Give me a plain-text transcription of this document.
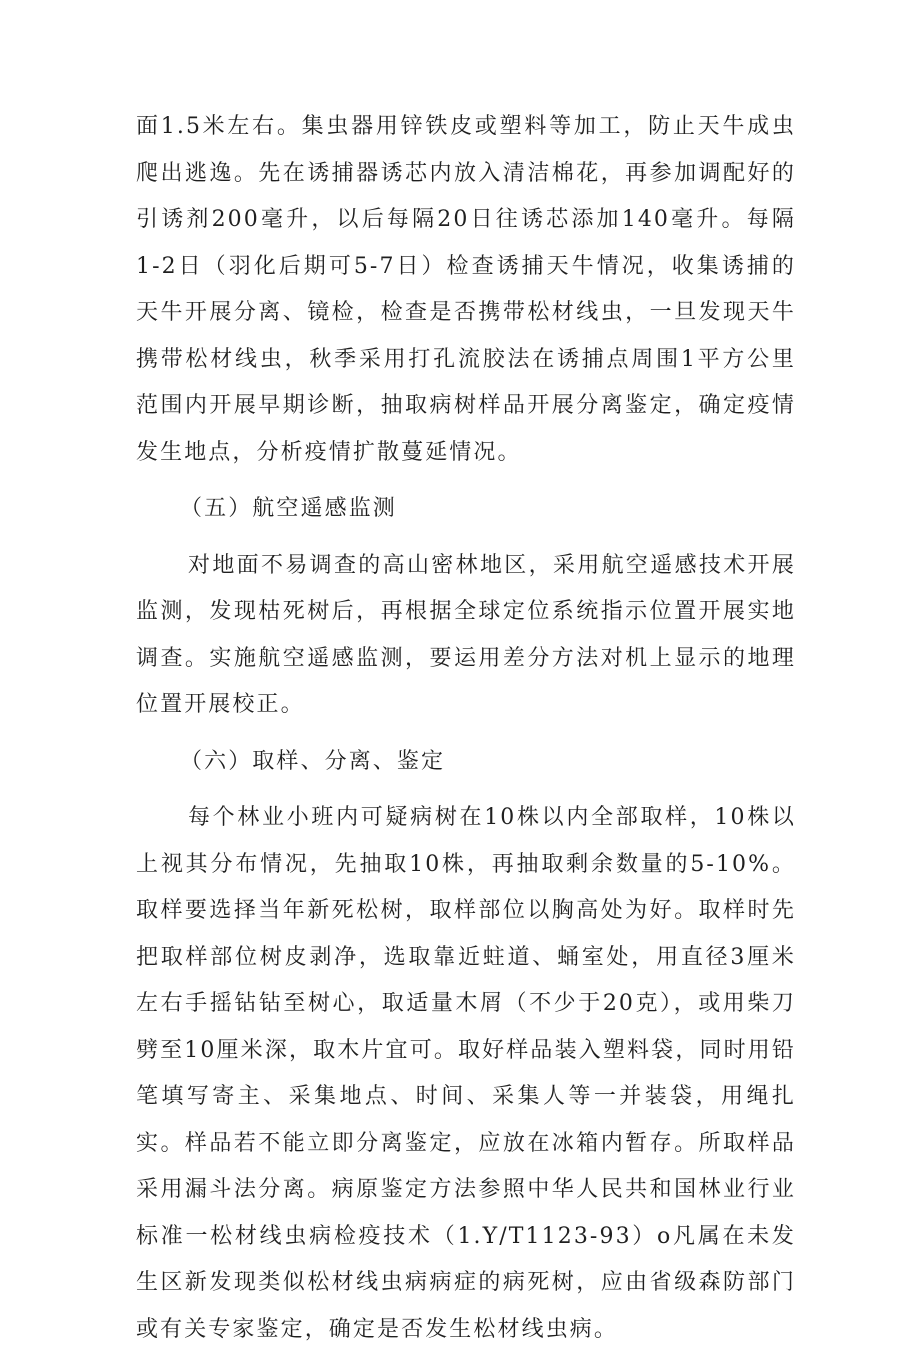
面1.5米左右。集虫器用锌铁皮或塑料等加工，防止天牛成虫爬出逃逸。先在诱捕器诱芯内放入清洁棉花，再参加调配好的引诱剂200毫升，以后每隔20日往诱芯添加140毫升。每隔1-2日（羽化后期可5-7日）检查诱捕天牛情况，收集诱捕的天牛开展分离、镜检，检查是否携带松材线虫，一旦发现天牛携带松材线虫，秋季采用打孔流胶法在诱捕点周围1平方公里范围内开展早期诊断，抽取病树样品开展分离鉴定，确定疫情发生地点，分析疫情扩散蔓延情况。

（五）航空遥感监测

对地面不易调查的高山密林地区，采用航空遥感技术开展监测，发现枯死树后，再根据全球定位系统指示位置开展实地调查。实施航空遥感监测，要运用差分方法对机上显示的地理位置开展校正。

（六）取样、分离、鉴定

每个林业小班内可疑病树在10株以内全部取样，10株以上视其分布情况，先抽取10株，再抽取剩余数量的5-10%。取样要选择当年新死松树，取样部位以胸高处为好。取样时先把取样部位树皮剥净，选取靠近蛀道、蛹室处，用直径3厘米左右手摇钻钻至树心，取适量木屑（不少于20克），或用柴刀劈至10厘米深，取木片宜可。取好样品装入塑料袋，同时用铅笔填写寄主、采集地点、时间、采集人等一并装袋，用绳扎实。样品若不能立即分离鉴定，应放在冰箱内暂存。所取样品采用漏斗法分离。病原鉴定方法参照中华人民共和国林业行业标准一松材线虫病检疫技术（1.Y/T1123-93）o凡属在未发生区新发现类似松材线虫病病症的病死树，应由省级森防部门或有关专家鉴定，确定是否发生松材线虫病。
